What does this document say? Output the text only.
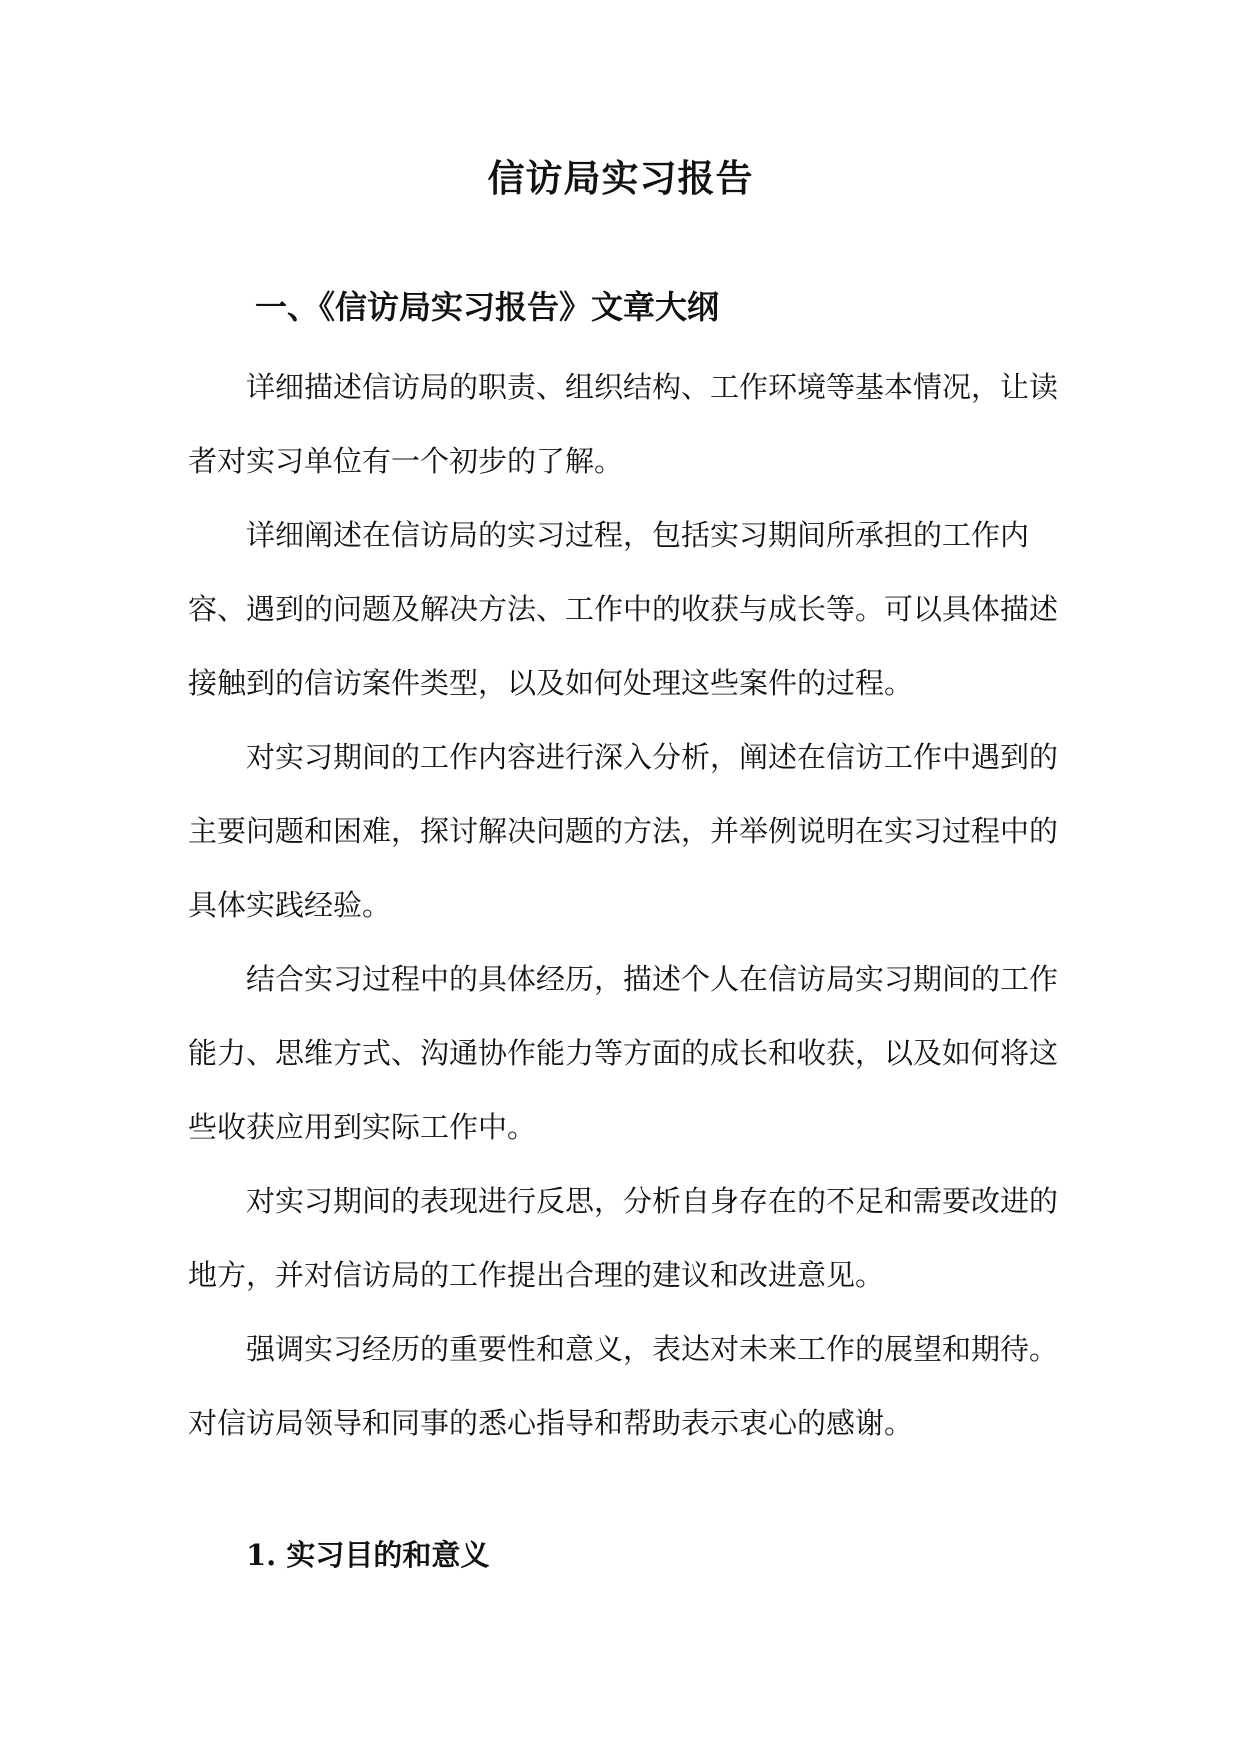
信访局实习报告
一、《信访局实习报告》文章大纲

详细描述信访局的职责、组织结构、工作环境等基本情况，让读者对实习单位有一个初步的了解。

详细阐述在信访局的实习过程，包括实习期间所承担的工作内容、遇到的问题及解决方法、工作中的收获与成长等。可以具体描述接触到的信访案件类型，以及如何处理这些案件的过程。

对实习期间的工作内容进行深入分析，阐述在信访工作中遇到的主要问题和困难，探讨解决问题的方法，并举例说明在实习过程中的具体实践经验。

结合实习过程中的具体经历，描述个人在信访局实习期间的工作能力、思维方式、沟通协作能力等方面的成长和收获，以及如何将这些收获应用到实际工作中。

对实习期间的表现进行反思，分析自身存在的不足和需要改进的地方，并对信访局的工作提出合理的建议和改进意见。

强调实习经历的重要性和意义，表达对未来工作的展望和期待。对信访局领导和同事的悉心指导和帮助表示衷心的感谢。

1. 实习目的和意义
